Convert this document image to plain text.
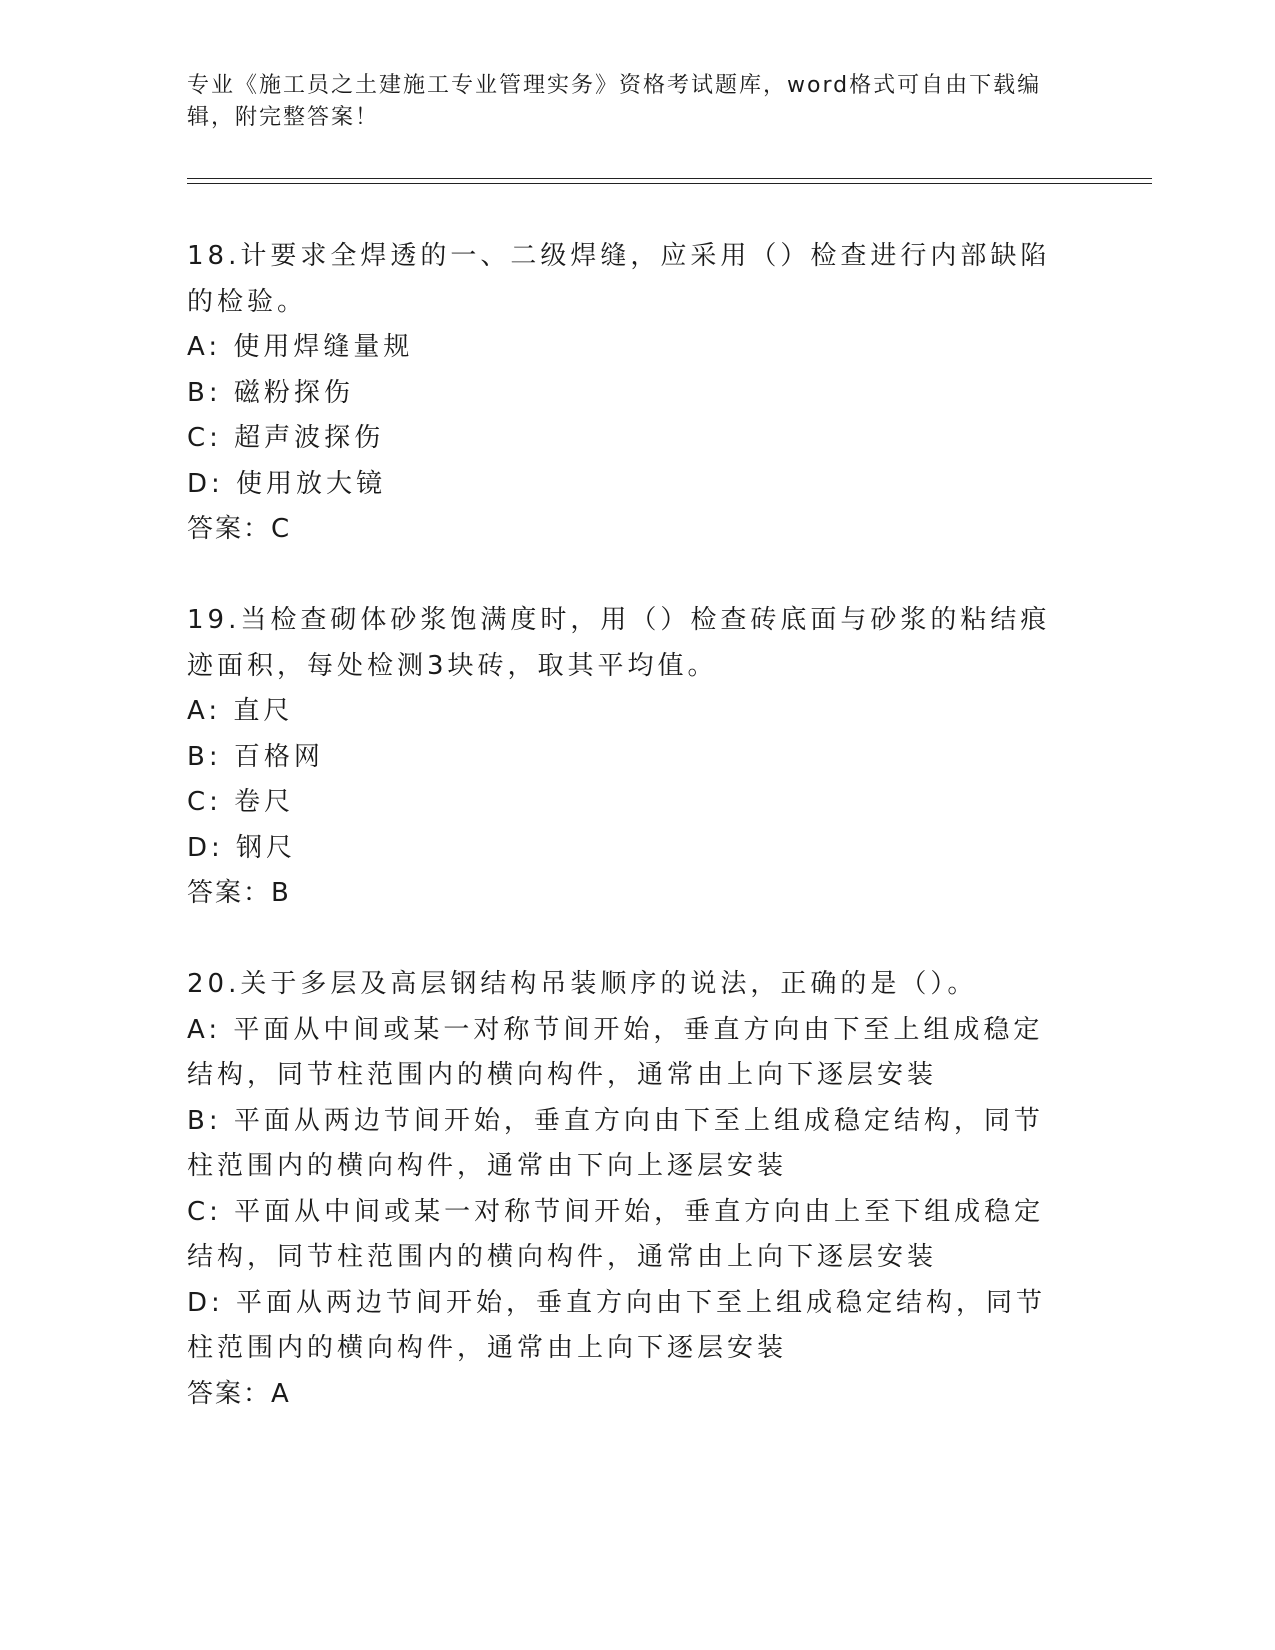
专业《施工员之土建施工专业管理实务》资格考试题库，word格式可自由下载编
辑，附完整答案！

18.计要求全焊透的一、二级焊缝，应采用（）检查进行内部缺陷的检验。

A: 使用焊缝量规

B: 磁粉探伤

C: 超声波探伤

D: 使用放大镜

答案：C

19.当检查砌体砂浆饱满度时，用（）检查砖底面与砂浆的粘结痕迹面积，每处检测3块砖，取其平均值。

A: 直尺

B: 百格网

C: 卷尺

D: 钢尺

答案：B

20.关于多层及高层钢结构吊装顺序的说法，正确的是（）。

A: 平面从中间或某一对称节间开始，垂直方向由下至上组成稳定结构，同节柱范围内的横向构件，通常由上向下逐层安装

B: 平面从两边节间开始，垂直方向由下至上组成稳定结构，同节柱范围内的横向构件，通常由下向上逐层安装

C: 平面从中间或某一对称节间开始，垂直方向由上至下组成稳定结构，同节柱范围内的横向构件，通常由上向下逐层安装

D: 平面从两边节间开始，垂直方向由下至上组成稳定结构，同节柱范围内的横向构件，通常由上向下逐层安装

答案：A
